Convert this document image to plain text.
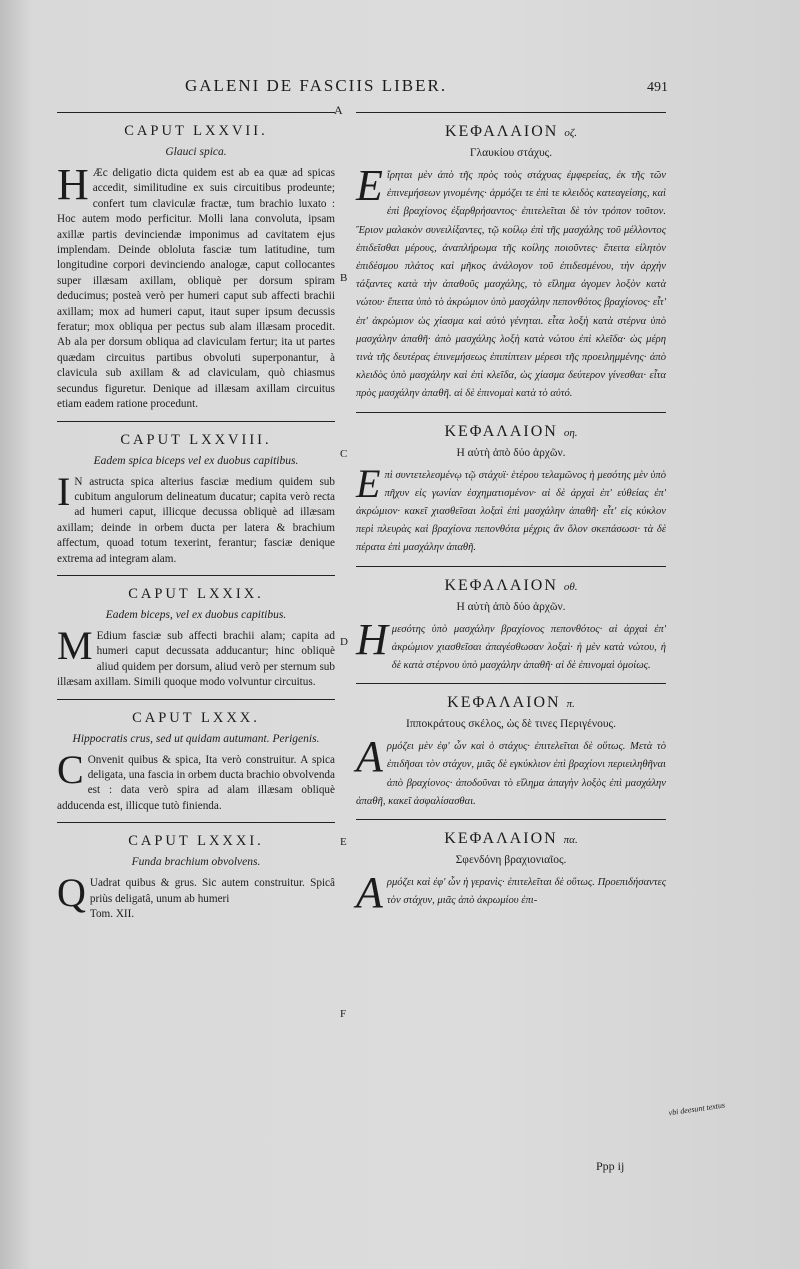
GALENI DE FASCIIS LIBER.	491
A
CAPUT LXXVII.
Glauci spica.

H Æc deligatio dicta quidem est ab ea quæ ad spicas accedit, similitudine ex suis circuitibus prodeunte; confert tum claviculæ fractæ, tum brachio luxato : Hoc autem modo perficitur. Molli lana convoluta, ipsam axillæ partis devinciendæ imponimus ad cavitatem ejus implendam. Deinde obloluta fasciæ tum latitudine, tum longitudine corpori devinciendo analogæ, caput collocantes super illæsam axillam, obliquè per dorsum spiram deducimus; posteà verò per humeri caput sub affecti brachii axillam; mox ad humeri caput, itaut super ipsum decussis feratur; mox obliqua per pectus sub alam illæsam procedit. Ab ala per dorsum obliqua ad claviculam fertur; ita ut partes quædam circuitus partibus obvoluti superponantur, à clavicula sub axillam & ad claviculam, quò chiasmus secundus figuretur. Denique ad illæsam axillam circuitus etiam eadem ratione procedunt.

CAPUT LXXVIII.
Eadem spica biceps vel ex duobus capitibus.

I N astructa spica alterius fasciæ medium quidem sub cubitum angulorum delineatum ducatur; capita verò recta ad humeri caput, illicque decussa obliquè ad illæsam axillam; deinde in orbem ducta per latera & brachium affectum, quoad totum texerint, ferantur; fasciæ denique extrema ad integram alam.

CAPUT LXXIX.
Eadem biceps, vel ex duobus capitibus.

M Edium fasciæ sub affecti brachii alam; capita ad humeri caput decussata adducantur; hinc obliquè aliud quidem per dorsum, aliud verò per sternum sub illæsam axillam. Simili quoque modo volvuntur circuitus.

CAPUT LXXX.
Hippocratis crus, sed ut quidam autumant. Perigenis.

C Onvenit quibus & spica, Ita verò construitur. A spica deligata, una fascia in orbem ducta brachio obvolvenda est : data verò spira ad alam illæsam obliquè adducenda est, illicque tutò finienda.

CAPUT LXXXI.
Funda brachium obvolvens.

Q Uadrat quibus & grus. Sic autem construitur. Spicâ priùs deligatâ, unum ab humeri
Tom. XII.

B
C
D
E
F
ΚΕΦΑΛΑΙΟΝ οζ.
Γλαυκίου στάχυς.

Εἴρηται μὲν ἀπὸ τῆς πρὸς τοὺς στάχυας ἐμφερείας, ἐκ τῆς τῶν ἐπινεμήσεων γινομένης· ἁρμόζει τε ἐπὶ τε κλειδὸς κατεαγείσης, καὶ ἐπὶ βραχίονος ἐξαρθρήσαντος· ἐπιτελεῖται δὲ τὸν τρόπον τοῦτον. Ἔριον μαλακὸν συνειλίξαντες, τῷ κοίλῳ ἐπὶ τῆς μασχάλης τοῦ μέλλοντος ἐπιδεῖσθαι μέρους, ἀναπλήρωμα τῆς κοίλης ποιοῦντες· ἔπειτα εἰλητὸν ἐπιδέσμου πλάτος καὶ μῆκος ἀνάλογον τοῦ ἐπιδεσμένου, τὴν ἀρχὴν τάξαντες κατὰ τὴν ἀπαθοῦς μασχάλης, τὸ εἴλημα ἀγομεν λοξὸν κατὰ νώτου· ἔπειτα ὑπὸ τὸ ἀκρώμιον ὑπὸ μασχάλην πεπονθότος βραχίονος· εἶτ' ἐπ' ἀκρώμιον ὡς χίασμα καὶ αὐτὸ γένηται. εἶτα λοξὴ κατὰ στέρνα ὑπὸ μασχάλην ἀπαθῆ· ἀπὸ μασχάλης λοξὴ κατὰ νώτου ἐπὶ κλεῖδα· ὡς μέρη τινὰ τῆς δευτέρας ἐπινεμήσεως ἐπιπίπτειν μέρεσι τῆς προειλημμένης· ἀπὸ κλειδὸς ὑπὸ μασχάλην καὶ ἐπὶ κλεῖδα, ὡς χίασμα δεύτερον γίνεσθαι· εἶτα πρὸς μασχάλην ἀπαθῆ. αἱ δὲ ἐπινομαὶ κατὰ τὸ αὐτό.

ΚΕΦΑΛΑΙΟΝ οη.
Η αὐτὴ ἀπὸ δύο ἀρχῶν.

Επὶ συντετελεσμένῳ τῷ στάχυϊ· ἑτέρου τελαμῶνος ἡ μεσότης μὲν ὑπὸ πῆχυν εἰς γωνίαν ἐσχηματισμένον· αἱ δὲ ἀρχαὶ ἐπ' εὐθείας ἐπ' ἀκρώμιον· κακεῖ χιασθεῖσαι λοξαὶ ἐπὶ μασχάλην ἀπαθῆ· εἶτ' εἰς κύκλον περὶ πλευρὰς καὶ βραχίονα πεπονθότα μέχρις ἂν ὅλον σκεπάσωσι· τὰ δὲ πέρατα ἐπὶ μασχάλην ἀπαθῆ.

ΚΕΦΑΛΑΙΟΝ οθ.
Η αὐτὴ ἀπὸ δύο ἀρχῶν.

Ημεσότης ὑπὸ μασχάλην βραχίονος πεπονθότος· αἱ ἀρχαὶ ἐπ' ἀκρώμιον χιασθεῖσαι ἀπαγέσθωσαν λοξαὶ· ἡ μὲν κατὰ νώτου, ἡ δὲ κατὰ στέρνου ὑπὸ μασχάλην ἀπαθῆ· αἱ δὲ ἐπινομαὶ ὁμοίως.

ΚΕΦΑΛΑΙΟΝ π.
Ιπποκράτους σκέλος, ὡς δὲ τινες Περιγένους.

Αρμόζει μὲν ἐφ' ὧν καὶ ὁ στάχυς· ἐπιτελεῖται δὲ οὕτως. Μετὰ τὸ ἐπιδῆσαι τὸν στάχυν, μιᾶς δὲ εγκύκλιον ἐπὶ βραχίονι περιειληθῆναι ἀπὸ βραχίονος· ἀποδοῦναι τὸ εἴλημα ἀπαγὴν λοξὸς ἐπὶ μασχάλην ἀπαθῆ, κακεῖ ἀσφαλίσασθαι.

ΚΕΦΑΛΑΙΟΝ πα.
Σφενδόνη βραχιονιαῖος.

Αρμόζει καὶ ἐφ' ὧν ἡ γερανὶς· ἐπιτελεῖται δὲ οὕτως. Προεπιδήσαντες τὸν στάχυν, μιᾶς ἀπὸ ἀκρωμίου ἐπι-

vbi deesunt textus
Ppp ij
